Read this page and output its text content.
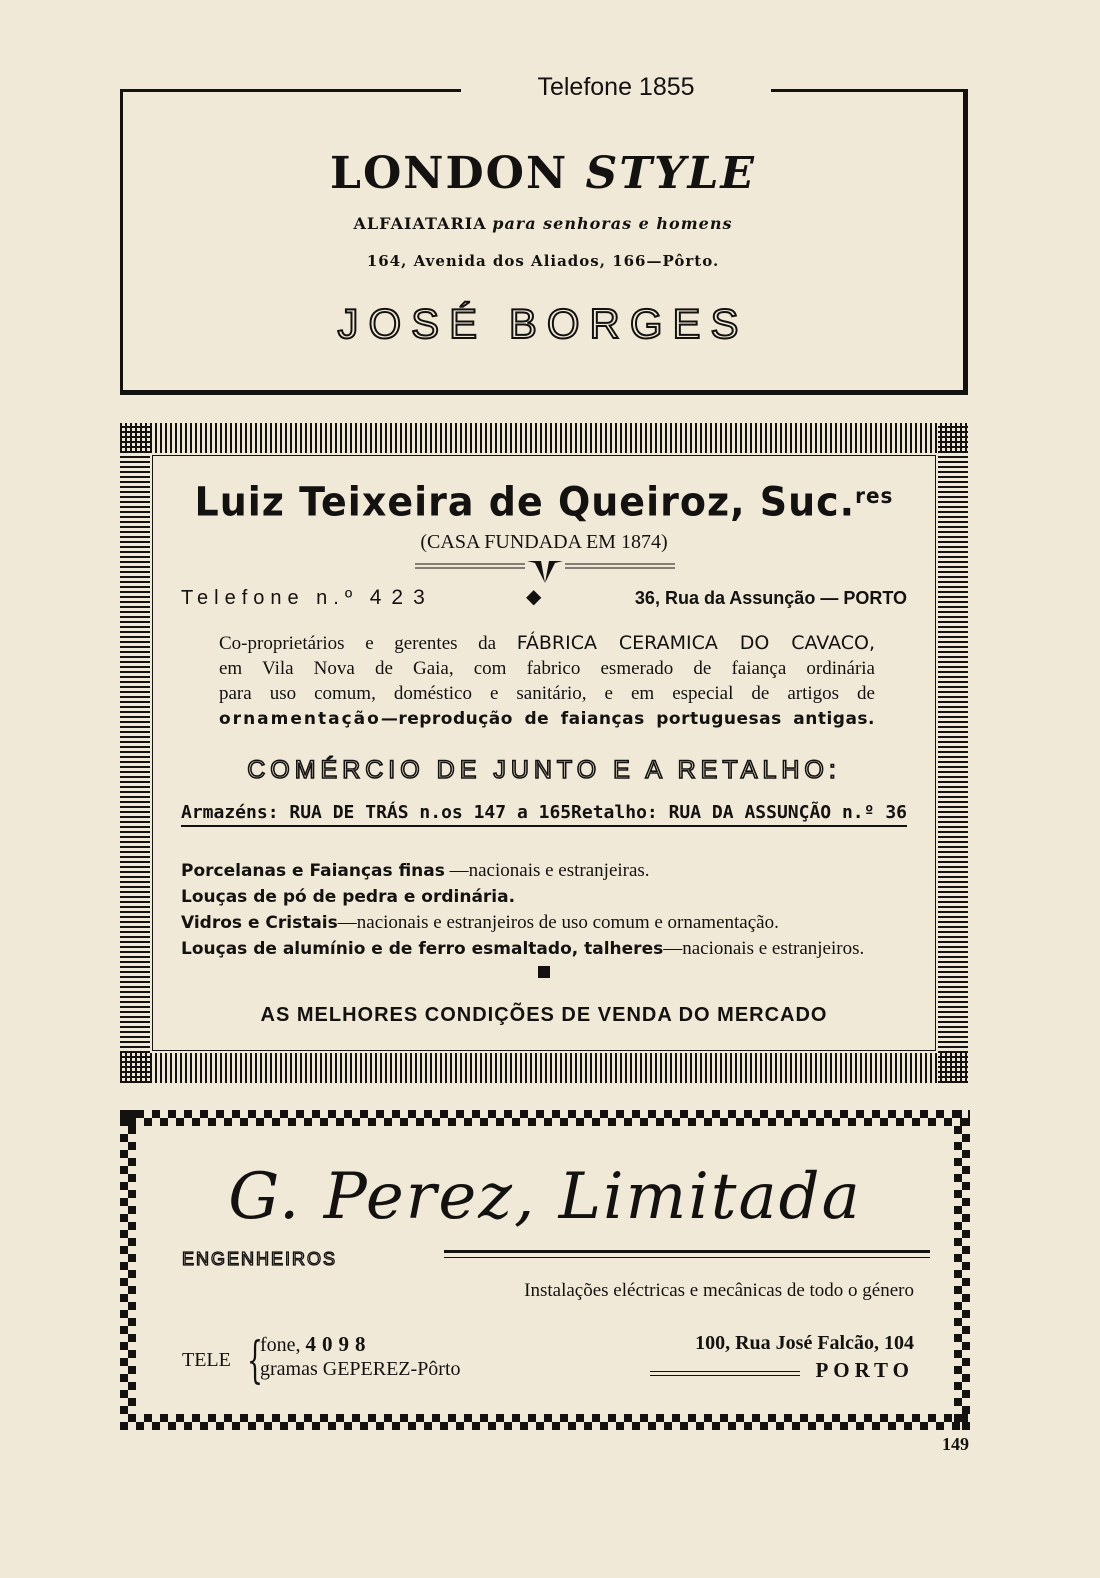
Telefone 1855
LONDON STYLE
ALFAIATARIA para senhoras e homens
164, Avenida dos Aliados, 166—Pôrto.
JOSÉ BORGES
Luiz Teixeira de Queiroz, Suc.$^{res}$
(CASA FUNDADA EM 1874)
Telefone n.º 423	◆	36, Rua da Assunção — PORTO
Co-proprietários e gerentes da FÁBRICA CERAMICA DO CAVACO,
em Vila Nova de Gaia, com fabrico esmerado de faiança ordinária
para uso comum, doméstico e sanitário, e em especial de artigos de
ornamentação—reprodução de faianças portuguesas antigas.
COMÉRCIO DE JUNTO E A RETALHO:
Armazéns: RUA DE TRÁS n.os 147 a 165 Retalho: RUA DA ASSUNÇÃO n.º 36
Porcelanas e Faianças finas —nacionais e estranjeiras.
Louças de pó de pedra e ordinária.
Vidros e Cristais—nacionais e estranjeiros de uso comum e ornamentação.
Louças de alumínio e de ferro esmaltado, talheres—nacionais e estranjeiros.
AS MELHORES CONDIÇÕES DE VENDA DO MERCADO
G. Perez, Limitada
ENGENHEIROS
Instalações eléctricas e mecânicas de todo o género
TELE {
fone, 4098
gramas GEPEREZ-Pôrto
100, Rua José Falcão, 104
PORTO
149
